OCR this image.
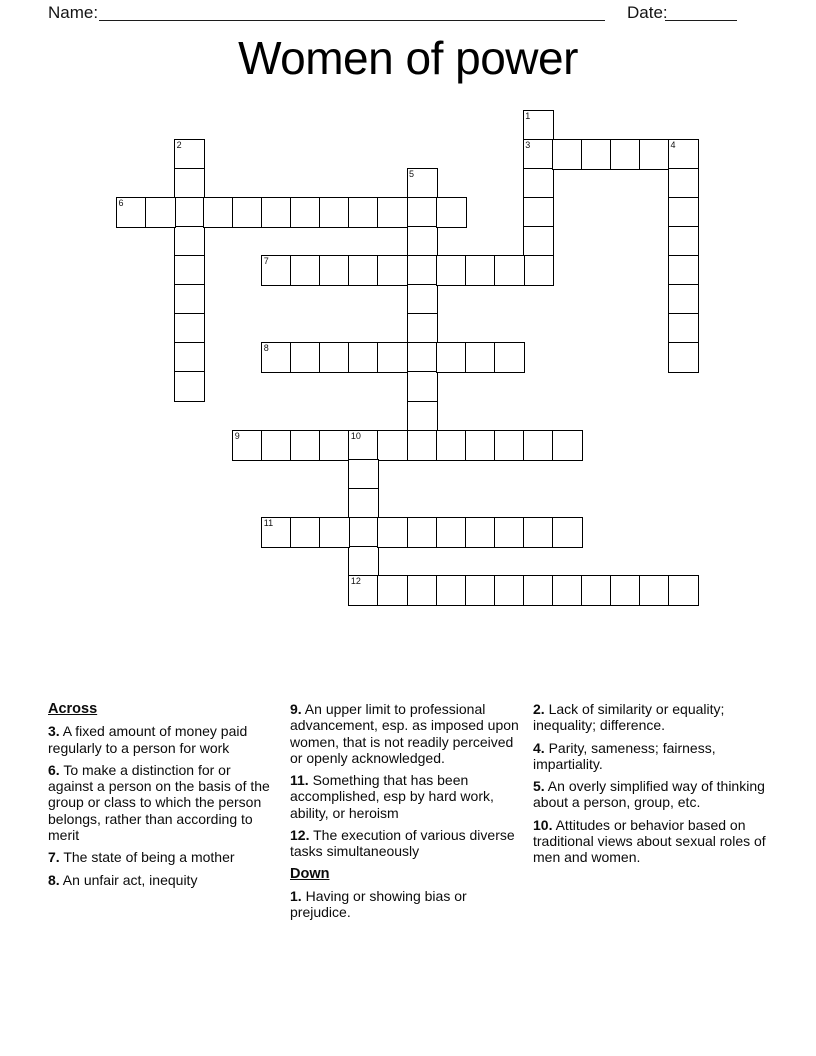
Name:	Date:
Women of power
1
3
2	4
5
6
7
8
9	10
12
11
Across

3. A fixed amount of money paid regularly to a person for work

6. To make a distinction for or against a person on the basis of the group or class to which the person belongs, rather than according to merit

7. The state of being a mother

8. An unfair act, inequity

9. An upper limit to professional advancement, esp. as imposed upon women, that is not readily perceived or openly acknowledged.

11. Something that has been accomplished, esp by hard work, ability, or heroism

12. The execution of various diverse tasks simultaneously

Down

1. Having or showing bias or prejudice.

2. Lack of similarity or equality; inequality; difference.

4. Parity, sameness; fairness, impartiality.

5. An overly simplified way of thinking about a person, group, etc.

10. Attitudes or behavior based on traditional views about sexual roles of men and women.
